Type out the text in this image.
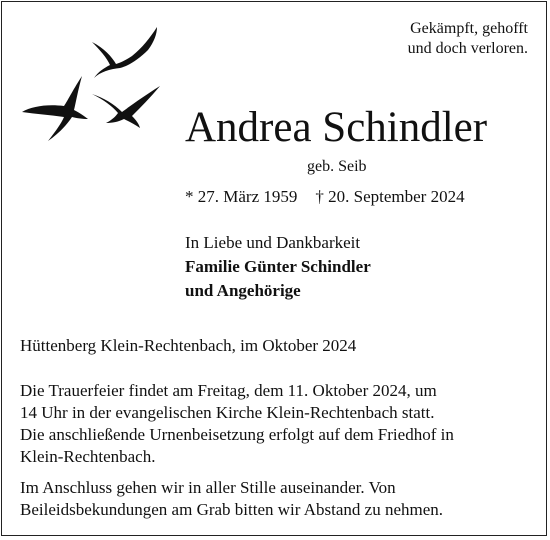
Gekämpft, gehofft
und doch verloren.
Andrea Schindler
geb. Seib
* 27. März 1959 † 20. September 2024
In Liebe und Dankbarkeit
Familie Günter Schindler
und Angehörige
Hüttenberg Klein-Rechtenbach, im Oktober 2024
Die Trauerfeier findet am Freitag, dem 11. Oktober 2024, um
14 Uhr in der evangelischen Kirche Klein-Rechtenbach statt.
Die anschließende Urnenbeisetzung erfolgt auf dem Friedhof in
Klein-Rechtenbach.
Im Anschluss gehen wir in aller Stille auseinander. Von
Beileidsbekundungen am Grab bitten wir Abstand zu nehmen.
